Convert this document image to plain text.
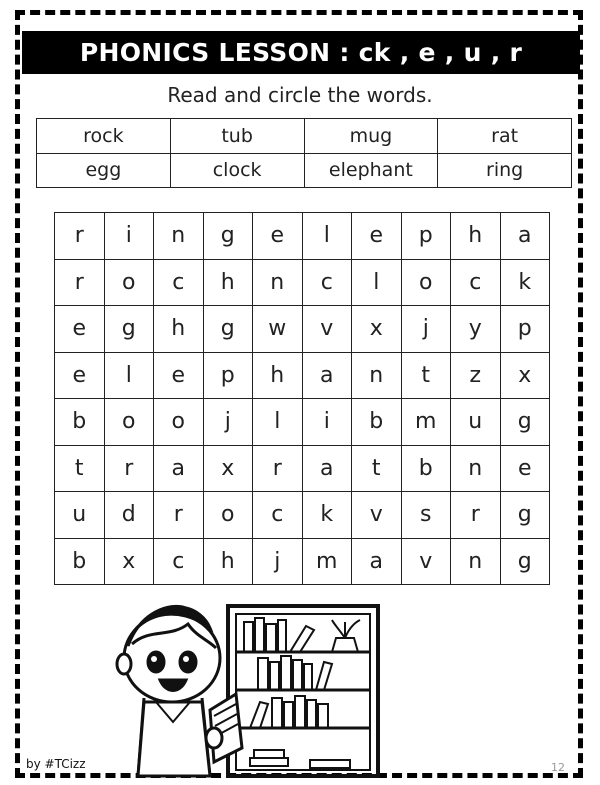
PHONICS LESSON : ck , e , u , r
Read and circle the words.
rock	tub	mug	rat
egg	clock	elephant	ring
r	i	n	g	e	l	e	p	h	a
r	o	c	h	n	c	l	o	c	k
e	g	h	g	w	v	x	j	y	p
e	l	e	p	h	a	n	t	z	x
b	o	o	j	l	i	b	m	u	g
t	r	a	x	r	a	t	b	n	e
u	d	r	o	c	k	v	s	r	g
b	x	c	h	j	m	a	v	n	g
by #TCizz	12
